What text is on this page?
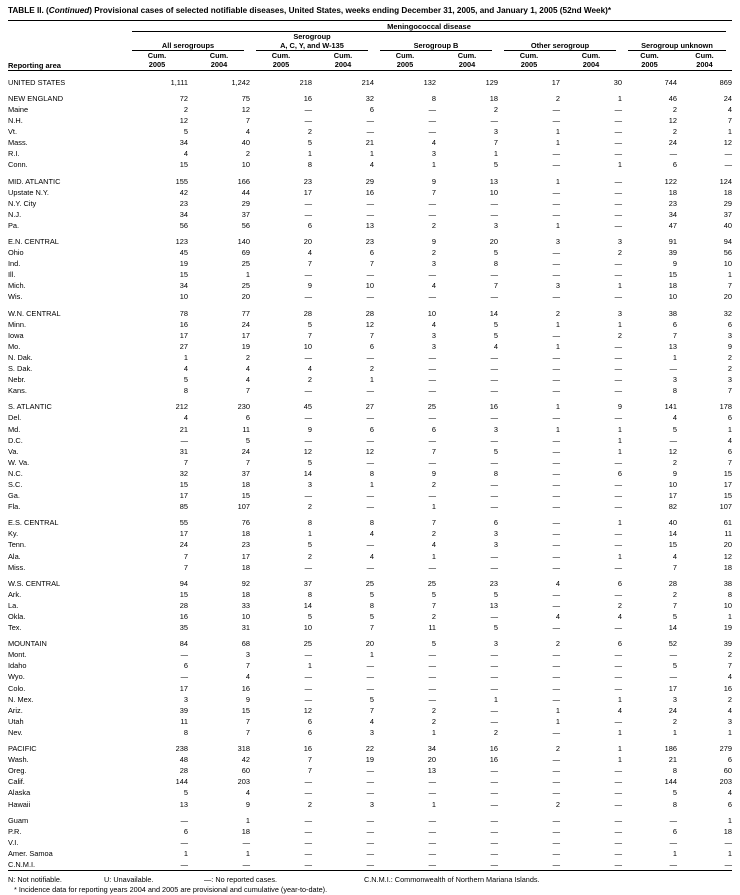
TABLE II. (Continued) Provisional cases of selected notifiable diseases, United States, weeks ending December 31, 2005, and January 1, 2005 (52nd Week)*

	Meningococcal disease									

	All serogroups		Serogroup
A, C, Y, and W-135		Serogroup B		Other serogroup		Serogroup unknown	

	Cum.	Cum.	Cum.	Cum.	Cum.	Cum.	Cum.	Cum.	Cum.	Cum.
Reporting area	2005	2004	2005	2004	2005	2004	2005	2004	2005	2004

UNITED STATES	1,111	1,242	218	214	132	129	17	30	744	869

NEW ENGLAND	72	75	16	32	8	18	2	1	46	24
Maine	2	12	—	6	—	2	—	—	2	4
N.H.	12	7	—	—	—	—	—	—	12	7
Vt.	5	4	2	—	—	3	1	—	2	1
Mass.	34	40	5	21	4	7	1	—	24	12
R.I.	4	2	1	1	3	1	—	—	—	—
Conn.	15	10	8	4	1	5	—	1	6	—

MID. ATLANTIC	155	166	23	29	9	13	1	—	122	124
Upstate N.Y.	42	44	17	16	7	10	—	—	18	18
N.Y. City	23	29	—	—	—	—	—	—	23	29
N.J.	34	37	—	—	—	—	—	—	34	37
Pa.	56	56	6	13	2	3	1	—	47	40

E.N. CENTRAL	123	140	20	23	9	20	3	3	91	94
Ohio	45	69	4	6	2	5	—	2	39	56
Ind.	19	25	7	7	3	8	—	—	9	10
Ill.	15	1	—	—	—	—	—	—	15	1
Mich.	34	25	9	10	4	7	3	1	18	7
Wis.	10	20	—	—	—	—	—	—	10	20

W.N. CENTRAL	78	77	28	28	10	14	2	3	38	32
Minn.	16	24	5	12	4	5	1	1	6	6
Iowa	17	17	7	7	3	5	—	2	7	3
Mo.	27	19	10	6	3	4	1	—	13	9
N. Dak.	1	2	—	—	—	—	—	—	1	2
S. Dak.	4	4	4	2	—	—	—	—	—	2
Nebr.	5	4	2	1	—	—	—	—	3	3
Kans.	8	7	—	—	—	—	—	—	8	7

S. ATLANTIC	212	230	45	27	25	16	1	9	141	178
Del.	4	6	—	—	—	—	—	—	4	6
Md.	21	11	9	6	6	3	1	1	5	1
D.C.	—	5	—	—	—	—	—	1	—	4
Va.	31	24	12	12	7	5	—	1	12	6
W. Va.	7	7	5	—	—	—	—	—	2	7
N.C.	32	37	14	8	9	8	—	6	9	15
S.C.	15	18	3	1	2	—	—	—	10	17
Ga.	17	15	—	—	—	—	—	—	17	15
Fla.	85	107	2	—	1	—	—	—	82	107

E.S. CENTRAL	55	76	8	8	7	6	—	1	40	61
Ky.	17	18	1	4	2	3	—	—	14	11
Tenn.	24	23	5	—	4	3	—	—	15	20
Ala.	7	17	2	4	1	—	—	1	4	12
Miss.	7	18	—	—	—	—	—	—	7	18

W.S. CENTRAL	94	92	37	25	25	23	4	6	28	38
Ark.	15	18	8	5	5	5	—	—	2	8
La.	28	33	14	8	7	13	—	2	7	10
Okla.	16	10	5	5	2	—	4	4	5	1
Tex.	35	31	10	7	11	5	—	—	14	19

MOUNTAIN	84	68	25	20	5	3	2	6	52	39
Mont.	—	3	—	1	—	—	—	—	—	2
Idaho	6	7	1	—	—	—	—	—	5	7
Wyo.	—	4	—	—	—	—	—	—	—	4
Colo.	17	16	—	—	—	—	—	—	17	16
N. Mex.	3	9	—	5	—	1	—	1	3	2
Ariz.	39	15	12	7	2	—	1	4	24	4
Utah	11	7	6	4	2	—	1	—	2	3
Nev.	8	7	6	3	1	2	—	1	1	1

PACIFIC	238	318	16	22	34	16	2	1	186	279
Wash.	48	42	7	19	20	16	—	1	21	6
Oreg.	28	60	7	—	13	—	—	—	8	60
Calif.	144	203	—	—	—	—	—	—	144	203
Alaska	5	4	—	—	—	—	—	—	5	4
Hawaii	13	9	2	3	1	—	2	—	8	6

Guam	—	1	—	—	—	—	—	—	—	1
P.R.	6	18	—	—	—	—	—	—	6	18
V.I.	—	—	—	—	—	—	—	—	—	—
Amer. Samoa	1	1	—	—	—	—	—	—	1	1
C.N.M.I.	—	—	—	—	—	—	—	—	—	—

N: Not notifiable.	U: Unavailable.	—: No reported cases.	C.N.M.I.: Commonwealth of Northern Mariana Islands.
* Incidence data for reporting years 2004 and 2005 are provisional and cumulative (year-to-date).
